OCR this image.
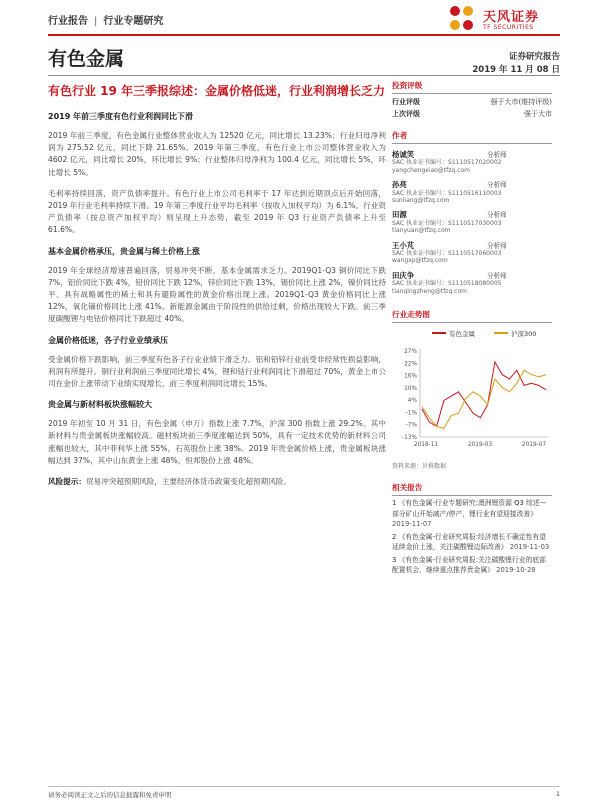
行业报告 | 行业专题研究	天风证券
TF SECURITIES
有色金属	证券研究报告
2019 年 11 月 08 日
有色行业 19 年三季报综述：金属价格低迷，行业利润增长乏力
2019 年前三季度有色行业利润同比下滑

2019 年前三季度，有色金属行业整体营业收入为 12520 亿元，同比增长 13.23%；行业归母净利润为 275.52 亿元，同比下降 21.65%。2019 年第三季度，有色行业上市公司整体营业收入为 4602 亿元，同比增长 20%，环比增长 9%；行业整体归母净利为 100.4 亿元，同比增长 5%，环比增长 5%。

毛利率持续回落，资产负债率提升。有色行业上市公司毛利率于 17 年达到近期顶点后开始回落，2019 年行业毛利率持续下滑。19 年第三季度行业平均毛利率（按收入加权平均）为 6.1%。行业资产负债率（按总资产加权平均）则呈现上升态势，截至 2019 年 Q3 行业资产负债率上升至 61.6%。

基本金属价格承压，贵金属与稀土价格上涨

2019 年全球经济增速普遍回落，贸易冲突不断，基本金属需求乏力。2019Q1-Q3 铜价同比下跌 7%，铝价同比下跌 4%，铅价同比下跌 12%，锌价同比下跌 13%，锡价同比上涨 2%，镍价同比持平。具有战略属性的稀土和具有避险属性的黄金价格出现上涨。2019Q1-Q3 黄金价格同比上涨 12%，氧化镝价格同比上涨 41%。新能源金属由于阶段性的供给过剩，价格出现较大下跌。前三季度碳酸锂与电钴价格同比下跌超过 40%。

金属价格低迷，各子行业业绩承压

受金属价格下跌影响，前三季度有色各子行业业绩下滑乏力。铝和铅锌行业前受非经常性损益影响，利润有所提升。铜行业利润前三季度同比增长 4%，锂和钴行业利润同比下滑超过 70%，黄金上市公司在金价上涨带动下业绩实现增长，前三季度利润同比增长 15%。

贵金属与新材料板块涨幅较大

2019 年初至 10 月 31 日，有色金属（申万）指数上涨 7.7%，沪深 300 指数上涨 29.2%。其中新材料与贵金属板块涨幅较高。磁材板块前三季度涨幅达到 50%，具有一定技术优势的新材料公司涨幅也较大，其中菲利华上涨 55%，石英股份上涨 38%。2019 年贵金属价格上涨，贵金属板块涨幅达到 37%，其中山东黄金上涨 48%，恒邦股份上涨 48%。

风险提示：贸易冲突超预期风险，主要经济体货币政策变化超预期风险。

投资评级
行业评级	强于大市(维持评级)
上次评级	强于大市
作者
杨诚笑	分析师
SAC 执业证书编号：S1110517020002
yangchengxiao@tfzq.com
孙亮	分析师
SAC 执业证书编号：S1110516110003
sunliang@tfzq.com
田源	分析师
SAC 执业证书编号：S1110517030003
tianyuan@tfzq.com
王小芃	分析师
SAC 执业证书编号：S1110517060003
wangxp@tfzq.com
田庆争	分析师
SAC 执业证书编号：S1110518080005
tianqingzheng@tfzq.com
行业走势图
有色金属	沪深300
27%
22%
16%
10%
4%
-1%
-7%
-13%
2018-11	2019-03	2019-07
资料来源：贝格数据
相关报告
1 《有色金属-行业专题研究:澳洲锂资源 Q3 综述—部分矿山开始减产/停产，锂行业有望迎接改善》 2019-11-07
2 《有色金属-行业研究周报:经济增长不确定性有望延续金价上涨，关注碳酸锂边际改善》 2019-11-03
3 《有色金属-行业研究周报:关注碳酸锂行业的底部配置机会，继续重点推荐贵金属》 2019-10-28
请务必阅读正文之后的信息披露和免责申明	1
